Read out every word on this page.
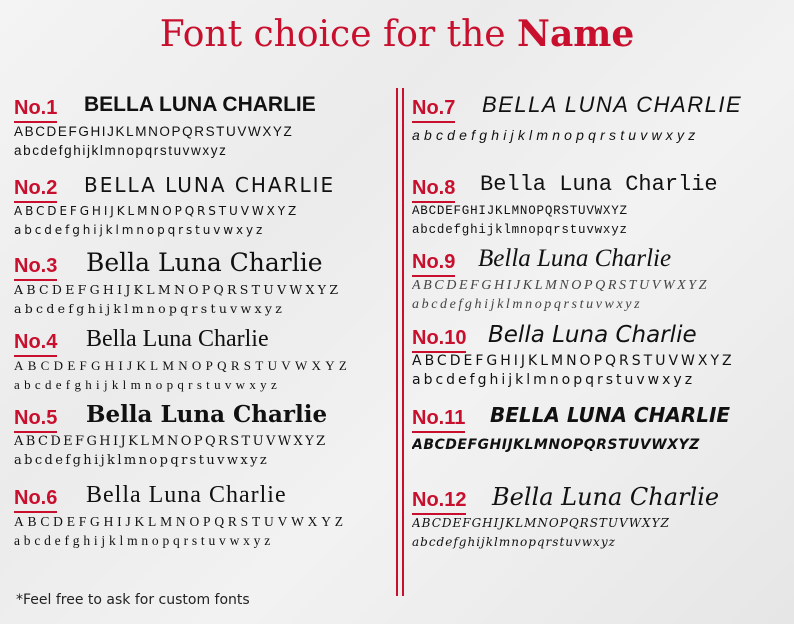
Font choice for the Name
No.1 BELLA LUNA CHARLIE
ABCDEFGHIJKLMNOPQRSTUVWXYZ
abcdefghijklmnopqrstuvwxyz
No.2 BELLA LUNA CHARLIE
ABCDEFGHIJKLMNOPQRSTUVWXYZ
abcdefghijklmnopqrstuvwxyz
No.3 Bella Luna Charlie
ABCDEFGHIJKLMNOPQRSTUVWXYZ
abcdefghijklmnopqrstuvwxyz
No.4 Bella Luna Charlie
ABCDEFGHIJKLMNOPQRSTUVWXYZ
abcdefghijklmnopqrstuvwxyz
No.5 Bella Luna Charlie
ABCDEFGHIJKLMNOPQRSTUVWXYZ
abcdefghijklmnopqrstuvwxyz
No.6 Bella Luna Charlie
ABCDEFGHIJKLMNOPQRSTUVWXYZ
abcdefghijklmnopqrstuvwxyz
No.7 BELLA LUNA CHARLIE
abcdefghijklmnopqrstuvwxyz
No.8 Bella Luna Charlie
ABCDEFGHIJKLMNOPQRSTUVWXYZ
abcdefghijklmnopqrstuvwxyz
No.9 Bella Luna Charlie
ABCDEFGHIJKLMNOPQRSTUVWXYZ
abcdefghijklmnopqrstuvwxyz
No.10 Bella Luna Charlie
ABCDEFGHIJKLMNOPQRSTUVWXYZ
abcdefghijklmnopqrstuvwxyz
No.11 BELLA LUNA CHARLIE
ABCDEFGHIJKLMNOPQRSTUVWXYZ
No.12 Bella Luna Charlie
ABCDEFGHIJKLMNOPQRSTUVWXYZ
abcdefghijklmnopqrstuvwxyz
*Feel free to ask for custom fonts
